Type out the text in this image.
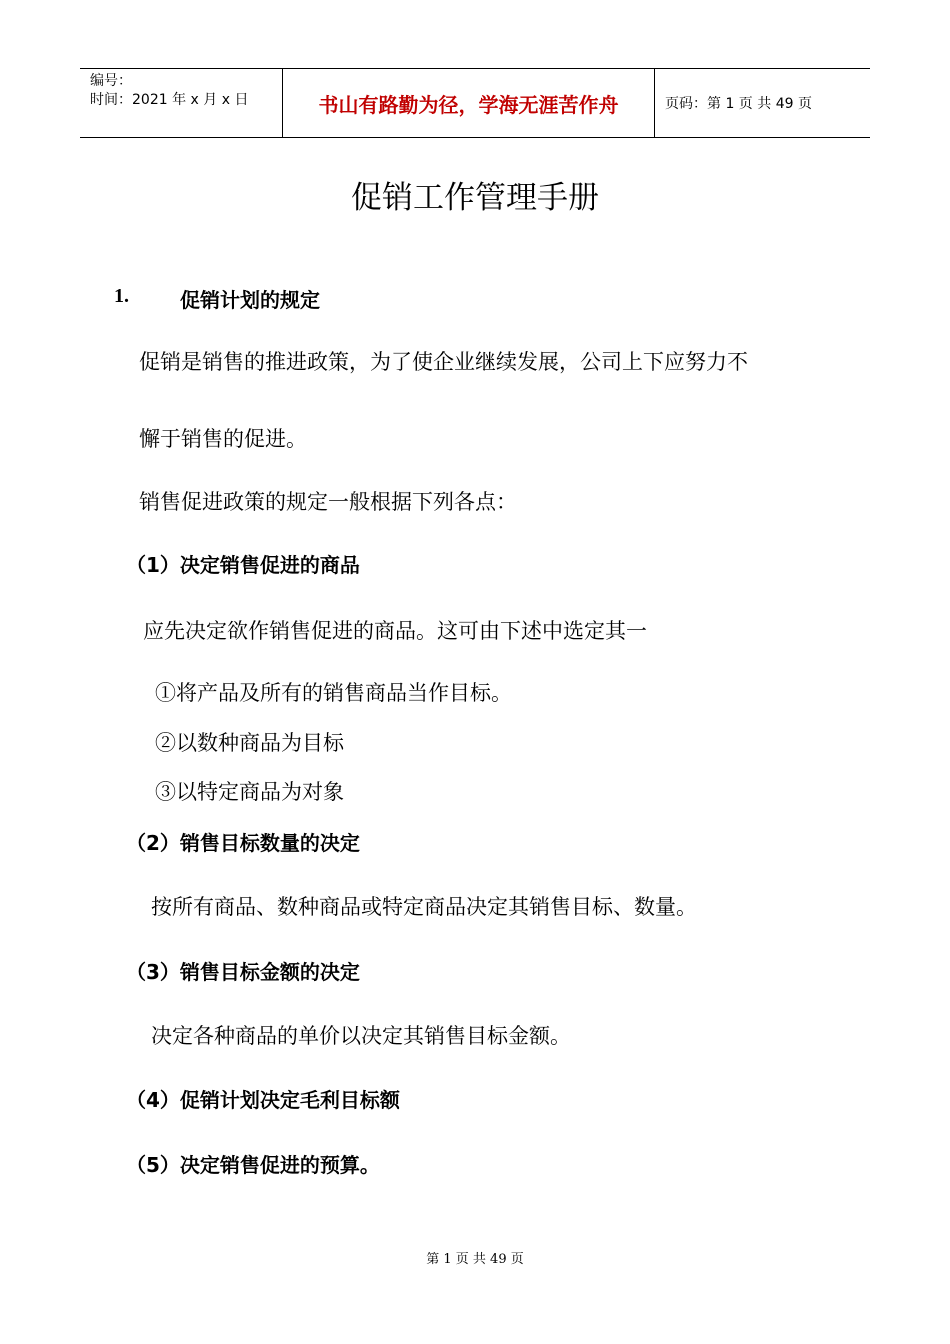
编号：
时间：2021 年 x 月 x 日	书山有路勤为径，学海无涯苦作舟	页码：第 1 页 共 49 页
促销工作管理手册
1.	促销计划的规定
促销是销售的推进政策，为了使企业继续发展，公司上下应努力不
懈于销售的促进。
销售促进政策的规定一般根据下列各点：
（1）决定销售促进的商品
应先决定欲作销售促进的商品。这可由下述中选定其一
①将产品及所有的销售商品当作目标。
②以数种商品为目标
③以特定商品为对象
（2）销售目标数量的决定
按所有商品、数种商品或特定商品决定其销售目标、数量。
（3）销售目标金额的决定
决定各种商品的单价以决定其销售目标金额。
（4）促销计划决定毛利目标额
（5）决定销售促进的预算。
第 1 页 共 49 页
